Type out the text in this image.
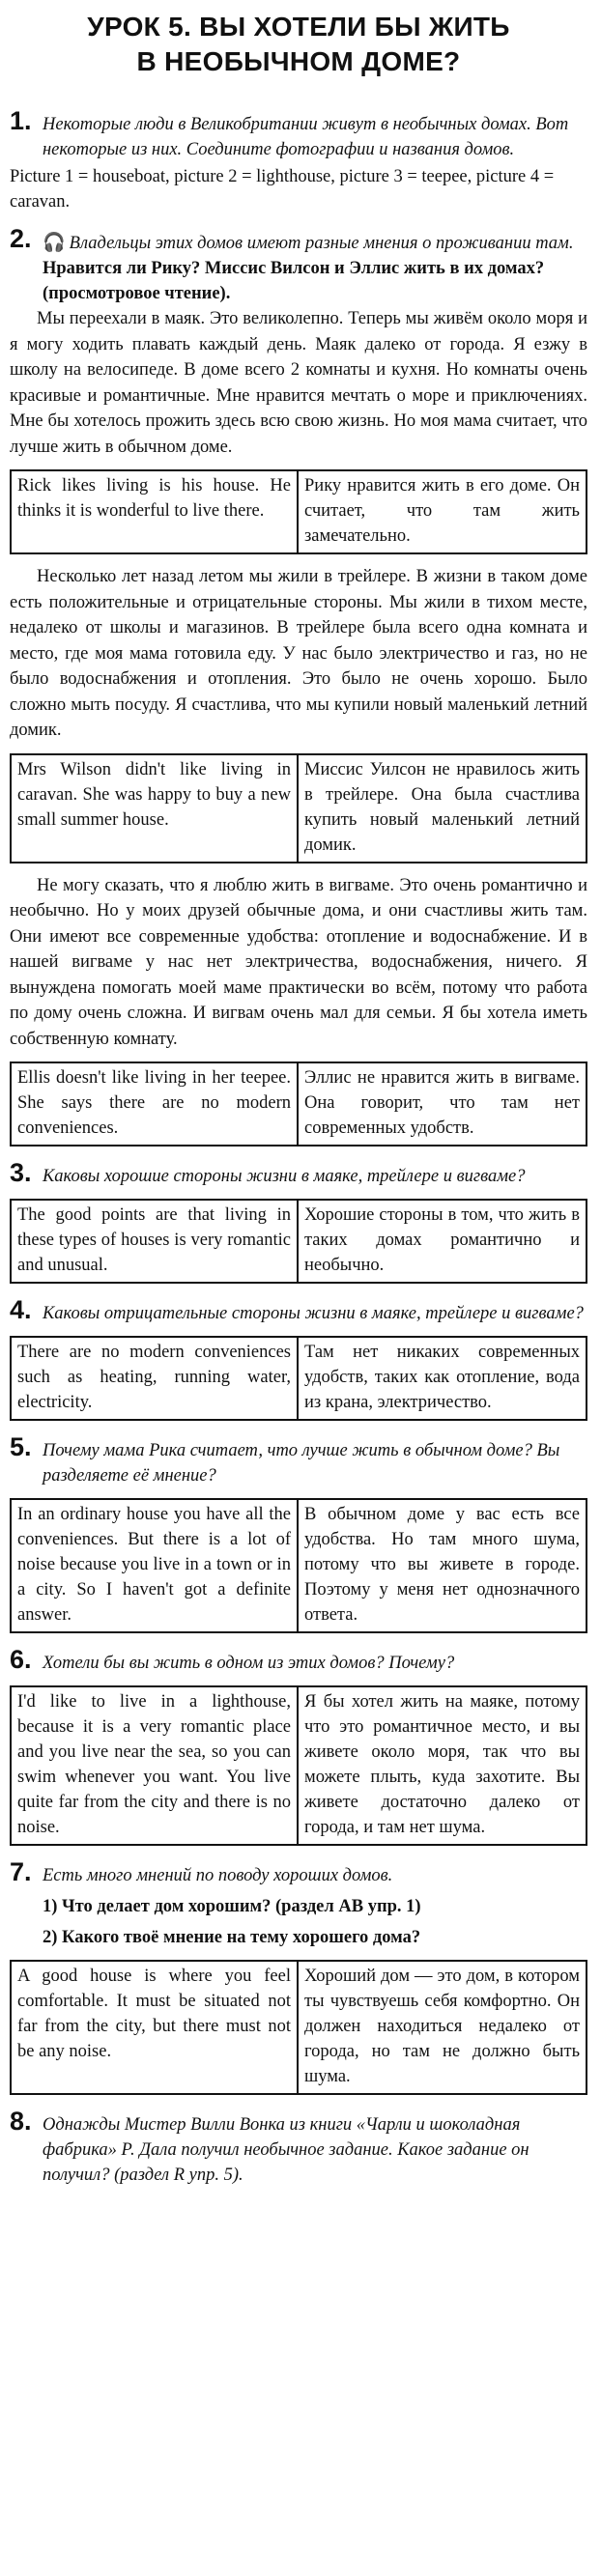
УРОК 5. ВЫ ХОТЕЛИ БЫ ЖИТЬ
В НЕОБЫЧНОМ ДОМЕ?
1. Некоторые люди в Великобритании живут в необычных домах. Вот некоторые из них. Соедините фотографии и названия домов.
Picture 1 = houseboat, picture 2 = lighthouse, picture 3 = teepee, picture 4 = caravan.
2. 🎧 Владельцы этих домов имеют разные мнения о проживании там.
Нравится ли Рику? Миссис Вилсон и Эллис жить в их домах? (просмотровое чтение).

Мы переехали в маяк. Это великолепно. Теперь мы живём около моря и я могу ходить плавать каждый день. Маяк далеко от города. Я езжу в школу на велосипеде. В доме всего 2 комнаты и кухня. Но комнаты очень красивые и романтичные. Мне нравится мечтать о море и приключениях. Мне бы хотелось прожить здесь всю свою жизнь. Но моя мама считает, что лучше жить в обычном доме.

Rick likes living is his house. He thinks it is wonderful to live there.
Рику нравится жить в его доме. Он считает, что там жить замечательно.

Несколько лет назад летом мы жили в трейлере. В жизни в таком доме есть положительные и отрицательные стороны. Мы жили в тихом месте, недалеко от школы и магазинов. В трейлере была всего одна комната и место, где моя мама готовила еду. У нас было электричество и газ, но не было водоснабжения и отопления. Это было не очень хорошо. Было сложно мыть посуду. Я счастлива, что мы купили новый маленький летний домик.

Mrs Wilson didn't like living in caravan. She was happy to buy a new small summer house.
Миссис Уилсон не нравилось жить в трейлере. Она была счастлива купить новый маленький летний домик.

Не могу сказать, что я люблю жить в вигваме. Это очень романтично и необычно. Но у моих друзей обычные дома, и они счастливы жить там. Они имеют все современные удобства: отопление и водоснабжение. И в нашей вигваме у нас нет электричества, водоснабжения, ничего. Я вынуждена помогать моей маме практически во всём, потому что работа по дому очень сложна. И вигвам очень мал для семьи. Я бы хотела иметь собственную комнату.

Ellis doesn't like living in her teepee. She says there are no modern conveniences.
Эллис не нравится жить в вигваме. Она говорит, что там нет современных удобств.
3. Каковы хорошие стороны жизни в маяке, трейлере и вигваме?
The good points are that living in these types of houses is very romantic and unusual.
Хорошие стороны в том, что жить в таких домах романтично и необычно.
4. Каковы отрицательные стороны жизни в маяке, трейлере и вигваме?
There are no modern conveniences such as heating, running water, electricity.
Там нет никаких современных удобств, таких как отопление, вода из крана, электричество.
5. Почему мама Рика считает, что лучше жить в обычном доме? Вы разделяете её мнение?
In an ordinary house you have all the conveniences. But there is a lot of noise because you live in a town or in a city. So I haven't got a definite answer.
В обычном доме у вас есть все удобства. Но там много шума, потому что вы живете в городе. Поэтому у меня нет однозначного ответа.
6. Хотели бы вы жить в одном из этих домов? Почему?
I'd like to live in a lighthouse, because it is a very romantic place and you live near the sea, so you can swim whenever you want. You live quite far from the city and there is no noise.
Я бы хотел жить на маяке, потому что это романтичное место, и вы живете около моря, так что вы можете плыть, куда захотите. Вы живете достаточно далеко от города, и там нет шума.
7. Есть много мнений по поводу хороших домов.
1) Что делает дом хорошим? (раздел AB упр. 1)
2) Какого твоё мнение на тему хорошего дома?
A good house is where you feel comfortable. It must be situated not far from the city, but there must not be any noise.
Хороший дом — это дом, в котором ты чувствуешь себя комфортно. Он должен находиться недалеко от города, но там не должно быть шума.
8. Однажды Мистер Вилли Вонка из книги «Чарли и шоколадная фабрика» Р. Дала получил необычное задание. Какое задание он получил? (раздел R упр. 5).
